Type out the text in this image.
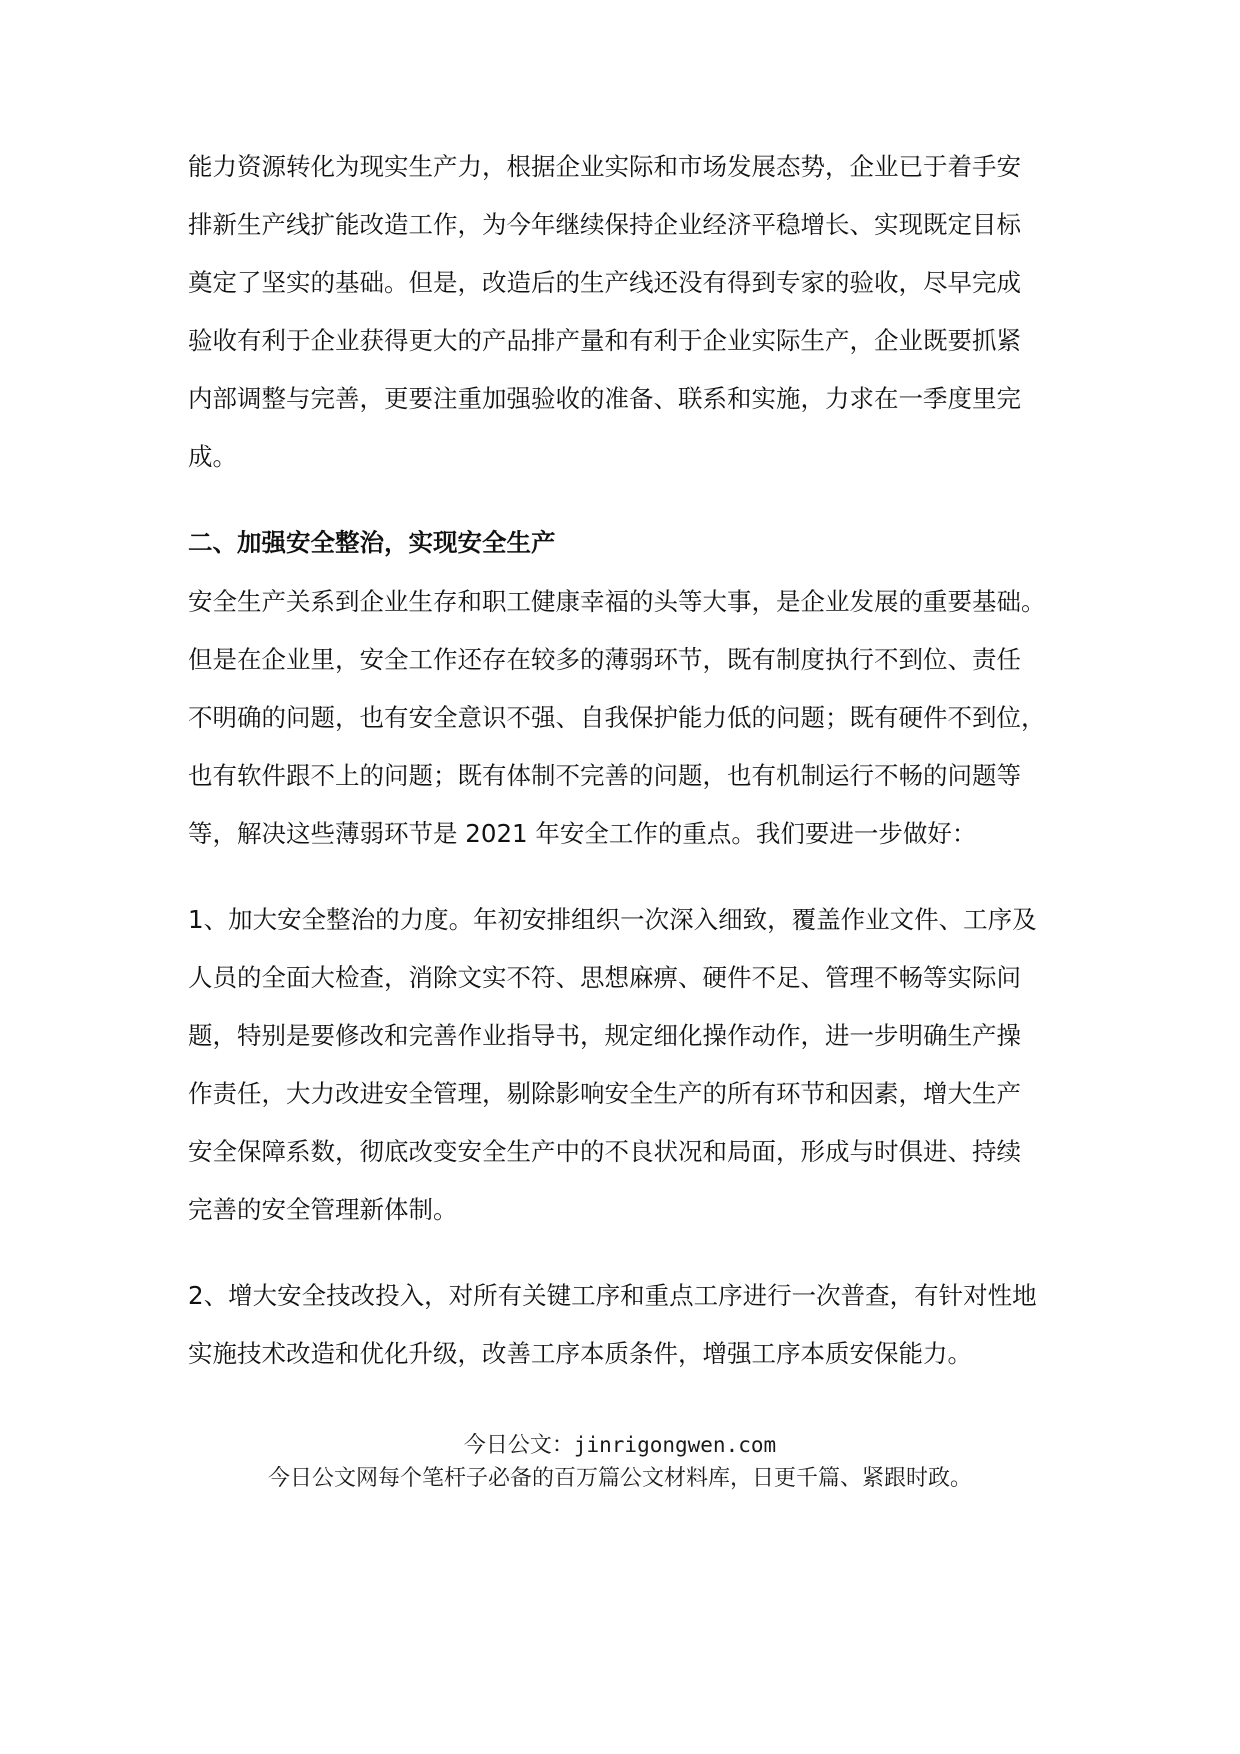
能力资源转化为现实生产力，根据企业实际和市场发展态势，企业已于着手安
排新生产线扩能改造工作，为今年继续保持企业经济平稳增长、实现既定目标
奠定了坚实的基础。但是，改造后的生产线还没有得到专家的验收，尽早完成
验收有利于企业获得更大的产品排产量和有利于企业实际生产，企业既要抓紧
内部调整与完善，更要注重加强验收的准备、联系和实施，力求在一季度里完
成。
二、加强安全整治，实现安全生产
安全生产关系到企业生存和职工健康幸福的头等大事，是企业发展的重要基础。
但是在企业里，安全工作还存在较多的薄弱环节，既有制度执行不到位、责任
不明确的问题，也有安全意识不强、自我保护能力低的问题；既有硬件不到位，
也有软件跟不上的问题；既有体制不完善的问题，也有机制运行不畅的问题等
等，解决这些薄弱环节是 2021 年安全工作的重点。我们要进一步做好：
1、加大安全整治的力度。年初安排组织一次深入细致，覆盖作业文件、工序及
人员的全面大检查，消除文实不符、思想麻痹、硬件不足、管理不畅等实际问
题，特别是要修改和完善作业指导书，规定细化操作动作，进一步明确生产操
作责任，大力改进安全管理，剔除影响安全生产的所有环节和因素，增大生产
安全保障系数，彻底改变安全生产中的不良状况和局面，形成与时俱进、持续
完善的安全管理新体制。
2、增大安全技改投入，对所有关键工序和重点工序进行一次普查，有针对性地
实施技术改造和优化升级，改善工序本质条件，增强工序本质安保能力。
今日公文：jinrigongwen.com
今日公文网每个笔杆子必备的百万篇公文材料库，日更千篇、紧跟时政。
